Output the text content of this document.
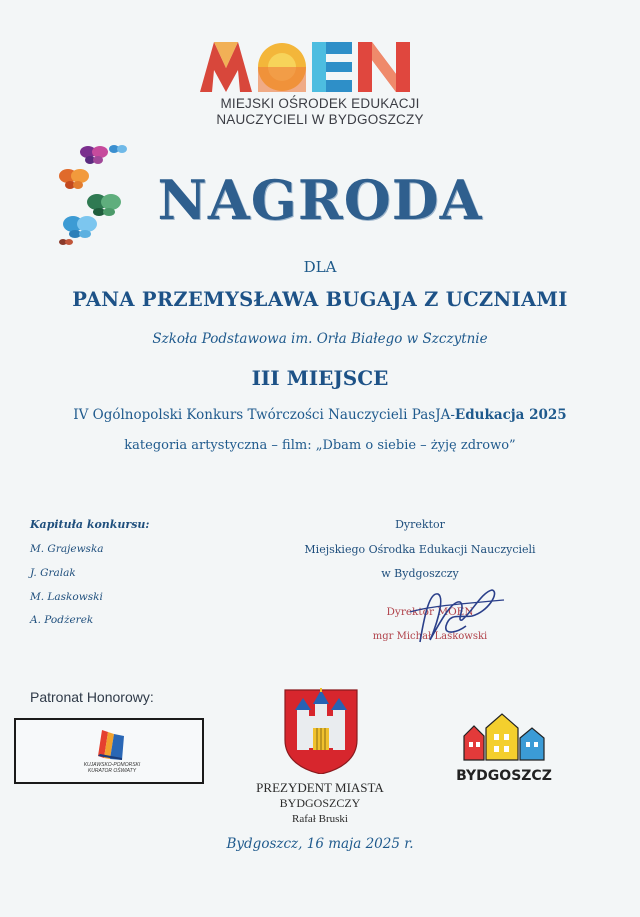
MIEJSKI OŚRODEK EDUKACJI
NAUCZYCIELI W BYDGOSZCZY
NAGRODA
DLA
PANA PRZEMYSŁAWA BUGAJA Z UCZNIAMI
Szkoła Podstawowa im. Orła Białego w Szczytnie
III MIEJSCE
IV Ogólnopolski Konkurs Twórczości Nauczycieli PasJA-Edukacja 2025
kategoria artystyczna – film: „Dbam o siebie – żyję zdrowo”
Kapituła konkursu:
M. Grajewska
J. Gralak
M. Laskowski
A. Podżerek
Dyrektor
Miejskiego Ośrodka Edukacji Nauczycieli
w Bydgoszczy
Dyrektor MOEN
mgr Michał Laskowski
Patronat Honorowy:
KUJAWSKO-POMORSKI
KURATOR OŚWIATY
PREZYDENT MIASTA
BYDGOSZCZY
Rafał Bruski
BYDGOSZCZ
Bydgoszcz, 16 maja 2025 r.
